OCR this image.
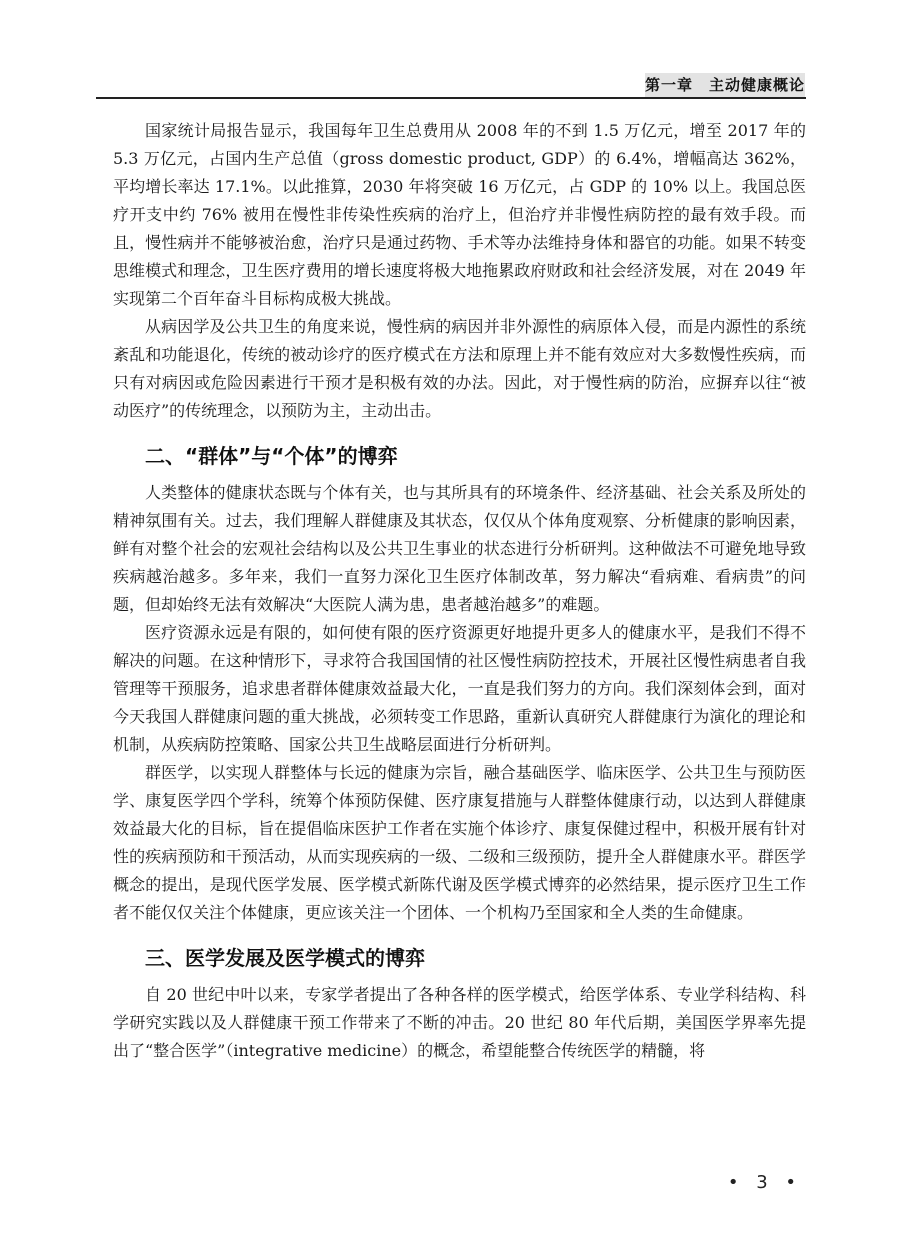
第一章　主动健康概论

国家统计局报告显示，我国每年卫生总费用从 2008 年的不到 1.5 万亿元，增至 2017 年的 5.3 万亿元，占国内生产总值（gross domestic product, GDP）的 6.4%，增幅高达 362%，平均增长率达 17.1%。以此推算，2030 年将突破 16 万亿元，占 GDP 的 10% 以上。我国总医疗开支中约 76% 被用在慢性非传染性疾病的治疗上，但治疗并非慢性病防控的最有效手段。而且，慢性病并不能够被治愈，治疗只是通过药物、手术等办法维持身体和器官的功能。如果不转变思维模式和理念，卫生医疗费用的增长速度将极大地拖累政府财政和社会经济发展，对在 2049 年实现第二个百年奋斗目标构成极大挑战。

从病因学及公共卫生的角度来说，慢性病的病因并非外源性的病原体入侵，而是内源性的系统紊乱和功能退化，传统的被动诊疗的医疗模式在方法和原理上并不能有效应对大多数慢性疾病，而只有对病因或危险因素进行干预才是积极有效的办法。因此，对于慢性病的防治，应摒弃以往“被动医疗”的传统理念，以预防为主，主动出击。

二、“群体”与“个体”的博弈

人类整体的健康状态既与个体有关，也与其所具有的环境条件、经济基础、社会关系及所处的精神氛围有关。过去，我们理解人群健康及其状态，仅仅从个体角度观察、分析健康的影响因素，鲜有对整个社会的宏观社会结构以及公共卫生事业的状态进行分析研判。这种做法不可避免地导致疾病越治越多。多年来，我们一直努力深化卫生医疗体制改革，努力解决“看病难、看病贵”的问题，但却始终无法有效解决“大医院人满为患，患者越治越多”的难题。

医疗资源永远是有限的，如何使有限的医疗资源更好地提升更多人的健康水平，是我们不得不解决的问题。在这种情形下，寻求符合我国国情的社区慢性病防控技术，开展社区慢性病患者自我管理等干预服务，追求患者群体健康效益最大化，一直是我们努力的方向。我们深刻体会到，面对今天我国人群健康问题的重大挑战，必须转变工作思路，重新认真研究人群健康行为演化的理论和机制，从疾病防控策略、国家公共卫生战略层面进行分析研判。

群医学，以实现人群整体与长远的健康为宗旨，融合基础医学、临床医学、公共卫生与预防医学、康复医学四个学科，统筹个体预防保健、医疗康复措施与人群整体健康行动，以达到人群健康效益最大化的目标，旨在提倡临床医护工作者在实施个体诊疗、康复保健过程中，积极开展有针对性的疾病预防和干预活动，从而实现疾病的一级、二级和三级预防，提升全人群健康水平。群医学概念的提出，是现代医学发展、医学模式新陈代谢及医学模式博弈的必然结果，提示医疗卫生工作者不能仅仅关注个体健康，更应该关注一个团体、一个机构乃至国家和全人类的生命健康。

三、医学发展及医学模式的博弈

自 20 世纪中叶以来，专家学者提出了各种各样的医学模式，给医学体系、专业学科结构、科学研究实践以及人群健康干预工作带来了不断的冲击。20 世纪 80 年代后期，美国医学界率先提出了“整合医学”（integrative medicine）的概念，希望能整合传统医学的精髓，将

• 3 •
